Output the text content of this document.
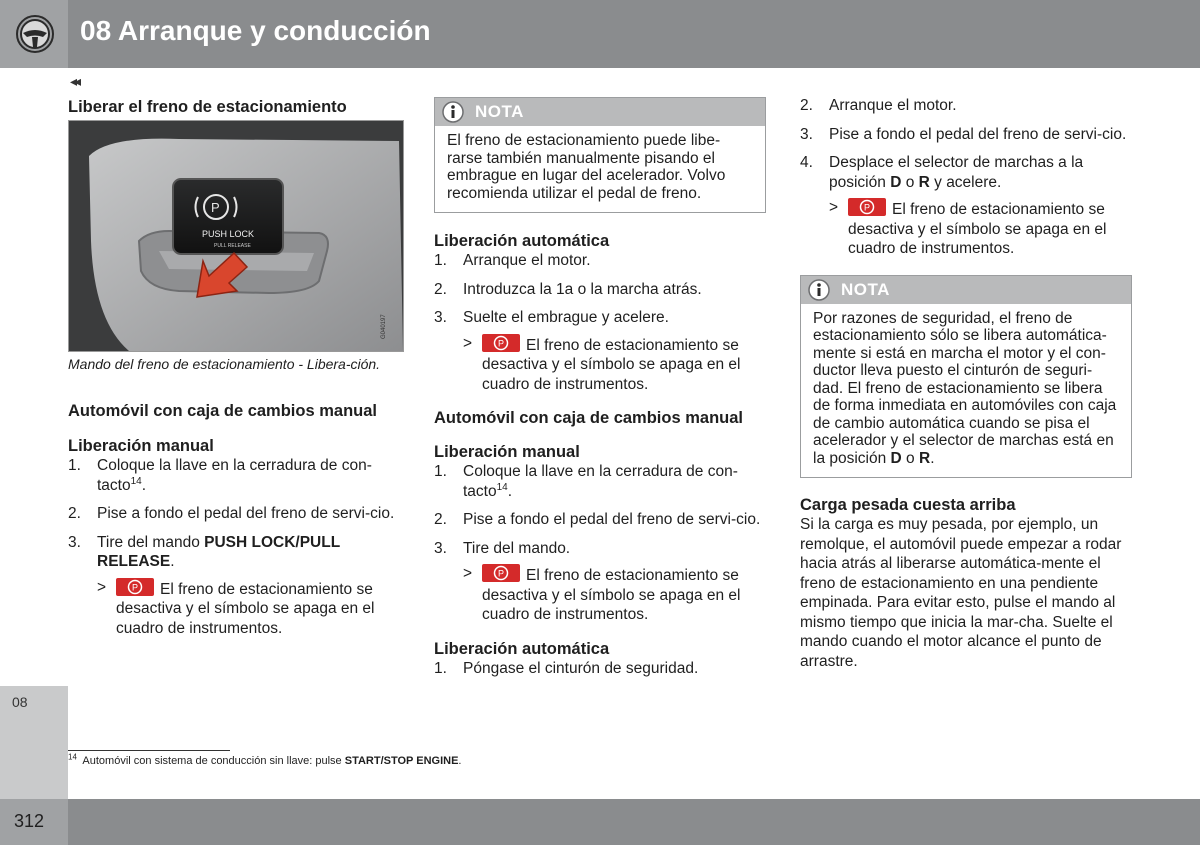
08 Arranque y conducción
08
◂◂
Liberar el freno de estacionamiento
P
PUSH LOCK
PULL RELEASE
G040197
Mando del freno de estacionamiento - Libera-ción.
Automóvil con caja de cambios manual
Liberación manual
1. Coloque la llave en la cerradura de con-tacto$^{14}$.
2. Pise a fondo el pedal del freno de servi-cio.
3. Tire del mando PUSH LOCK/PULL RELEASE.
>	P El freno de estacionamiento se desactiva y el símbolo se apaga en el cuadro de instrumentos.
NOTA
El freno de estacionamiento puede libe-rarse también manualmente pisando el embrague en lugar del acelerador. Volvo recomienda utilizar el pedal de freno.
Liberación automática
1. Arranque el motor.
2. Introduzca la 1a o la marcha atrás.
3. Suelte el embrague y acelere.
>	P El freno de estacionamiento se desactiva y el símbolo se apaga en el cuadro de instrumentos.
Automóvil con caja de cambios manual
Liberación manual
1. Coloque la llave en la cerradura de con-tacto$^{14}$.
2. Pise a fondo el pedal del freno de servi-cio.
3. Tire del mando.
>	P El freno de estacionamiento se desactiva y el símbolo se apaga en el cuadro de instrumentos.
Liberación automática
1. Póngase el cinturón de seguridad.
2. Arranque el motor.
3. Pise a fondo el pedal del freno de servi-cio.
4. Desplace el selector de marchas a la posición D o R y acelere.
>	P El freno de estacionamiento se desactiva y el símbolo se apaga en el cuadro de instrumentos.
NOTA
Por razones de seguridad, el freno de estacionamiento sólo se libera automática-mente si está en marcha el motor y el con-ductor lleva puesto el cinturón de seguri-dad. El freno de estacionamiento se libera de forma inmediata en automóviles con caja de cambio automática cuando se pisa el acelerador y el selector de marchas está en la posición D o R.
Carga pesada cuesta arriba
Si la carga es muy pesada, por ejemplo, un remolque, el automóvil puede empezar a rodar hacia atrás al liberarse automática-mente el freno de estacionamiento en una pendiente empinada. Para evitar esto, pulse el mando al mismo tiempo que inicia la mar-cha. Suelte el mando cuando el motor alcance el punto de arrastre.
$^{14}$ Automóvil con sistema de conducción sin llave: pulse START/STOP ENGINE.
312
